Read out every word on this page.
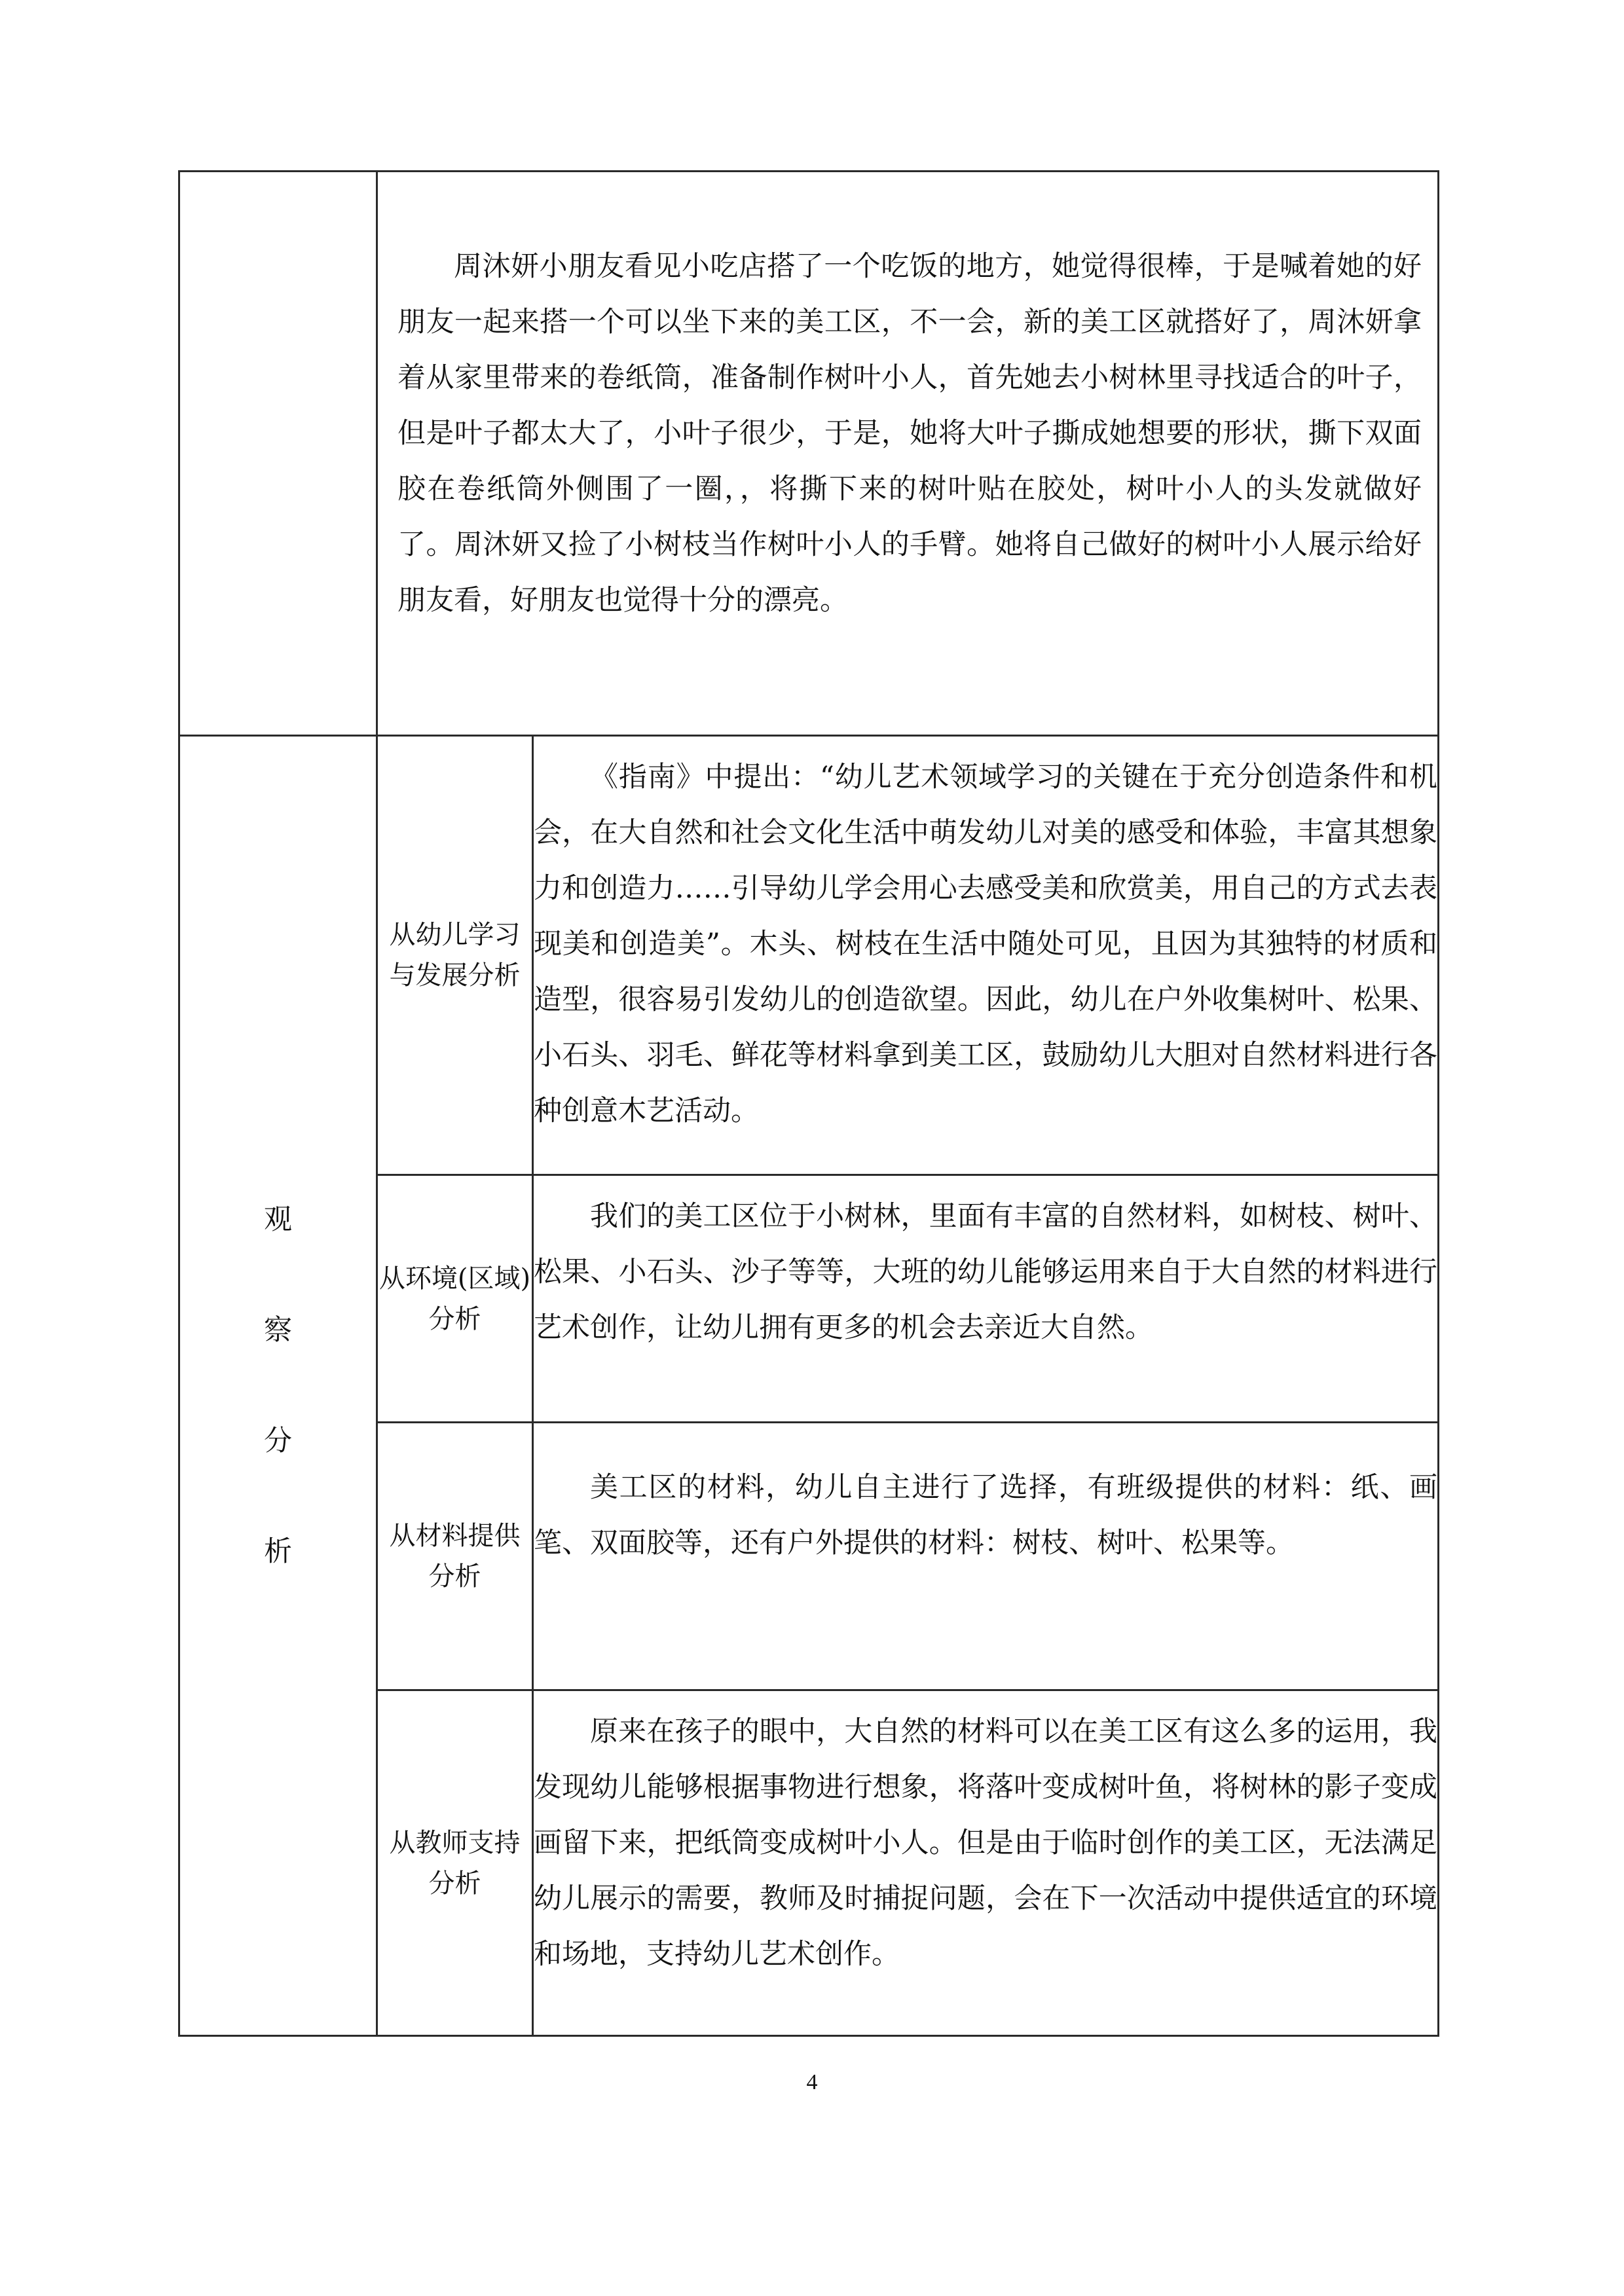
	周沐妍小朋友看见小吃店搭了一个吃饭的地方，她觉得很棒，于是喊着她的好朋友一起来搭一个可以坐下来的美工区，不一会，新的美工区就搭好了，周沐妍拿着从家里带来的卷纸筒，准备制作树叶小人，首先她去小树林里寻找适合的叶子，但是叶子都太大了，小叶子很少，于是，她将大叶子撕成她想要的形状，撕下双面胶在卷纸筒外侧围了一圈，，将撕下来的树叶贴在胶处，树叶小人的头发就做好了。周沐妍又捡了小树枝当作树叶小人的手臂。她将自己做好的树叶小人展示给好朋友看，好朋友也觉得十分的漂亮。	

观
察
分
析	从幼儿学习与发展分析	《指南》中提出：“幼儿艺术领域学习的关键在于充分创造条件和机会，在大自然和社会文化生活中萌发幼儿对美的感受和体验，丰富其想象力和创造力……引导幼儿学会用心去感受美和欣赏美，用自己的方式去表现美和创造美”。木头、树枝在生活中随处可见，且因为其独特的材质和造型，很容易引发幼儿的创造欲望。因此，幼儿在户外收集树叶、松果、小石头、羽毛、鲜花等材料拿到美工区，鼓励幼儿大胆对自然材料进行各种创意木艺活动。

	从环境(区域)分析	我们的美工区位于小树林，里面有丰富的自然材料，如树枝、树叶、松果、小石头、沙子等等，大班的幼儿能够运用来自于大自然的材料进行艺术创作，让幼儿拥有更多的机会去亲近大自然。

	从材料提供分析	美工区的材料，幼儿自主进行了选择，有班级提供的材料：纸、画笔、双面胶等，还有户外提供的材料：树枝、树叶、松果等。

	从教师支持分析	原来在孩子的眼中，大自然的材料可以在美工区有这么多的运用，我发现幼儿能够根据事物进行想象，将落叶变成树叶鱼，将树林的影子变成画留下来，把纸筒变成树叶小人。但是由于临时创作的美工区，无法满足幼儿展示的需要，教师及时捕捉问题，会在下一次活动中提供适宜的环境和场地，支持幼儿艺术创作。

4
